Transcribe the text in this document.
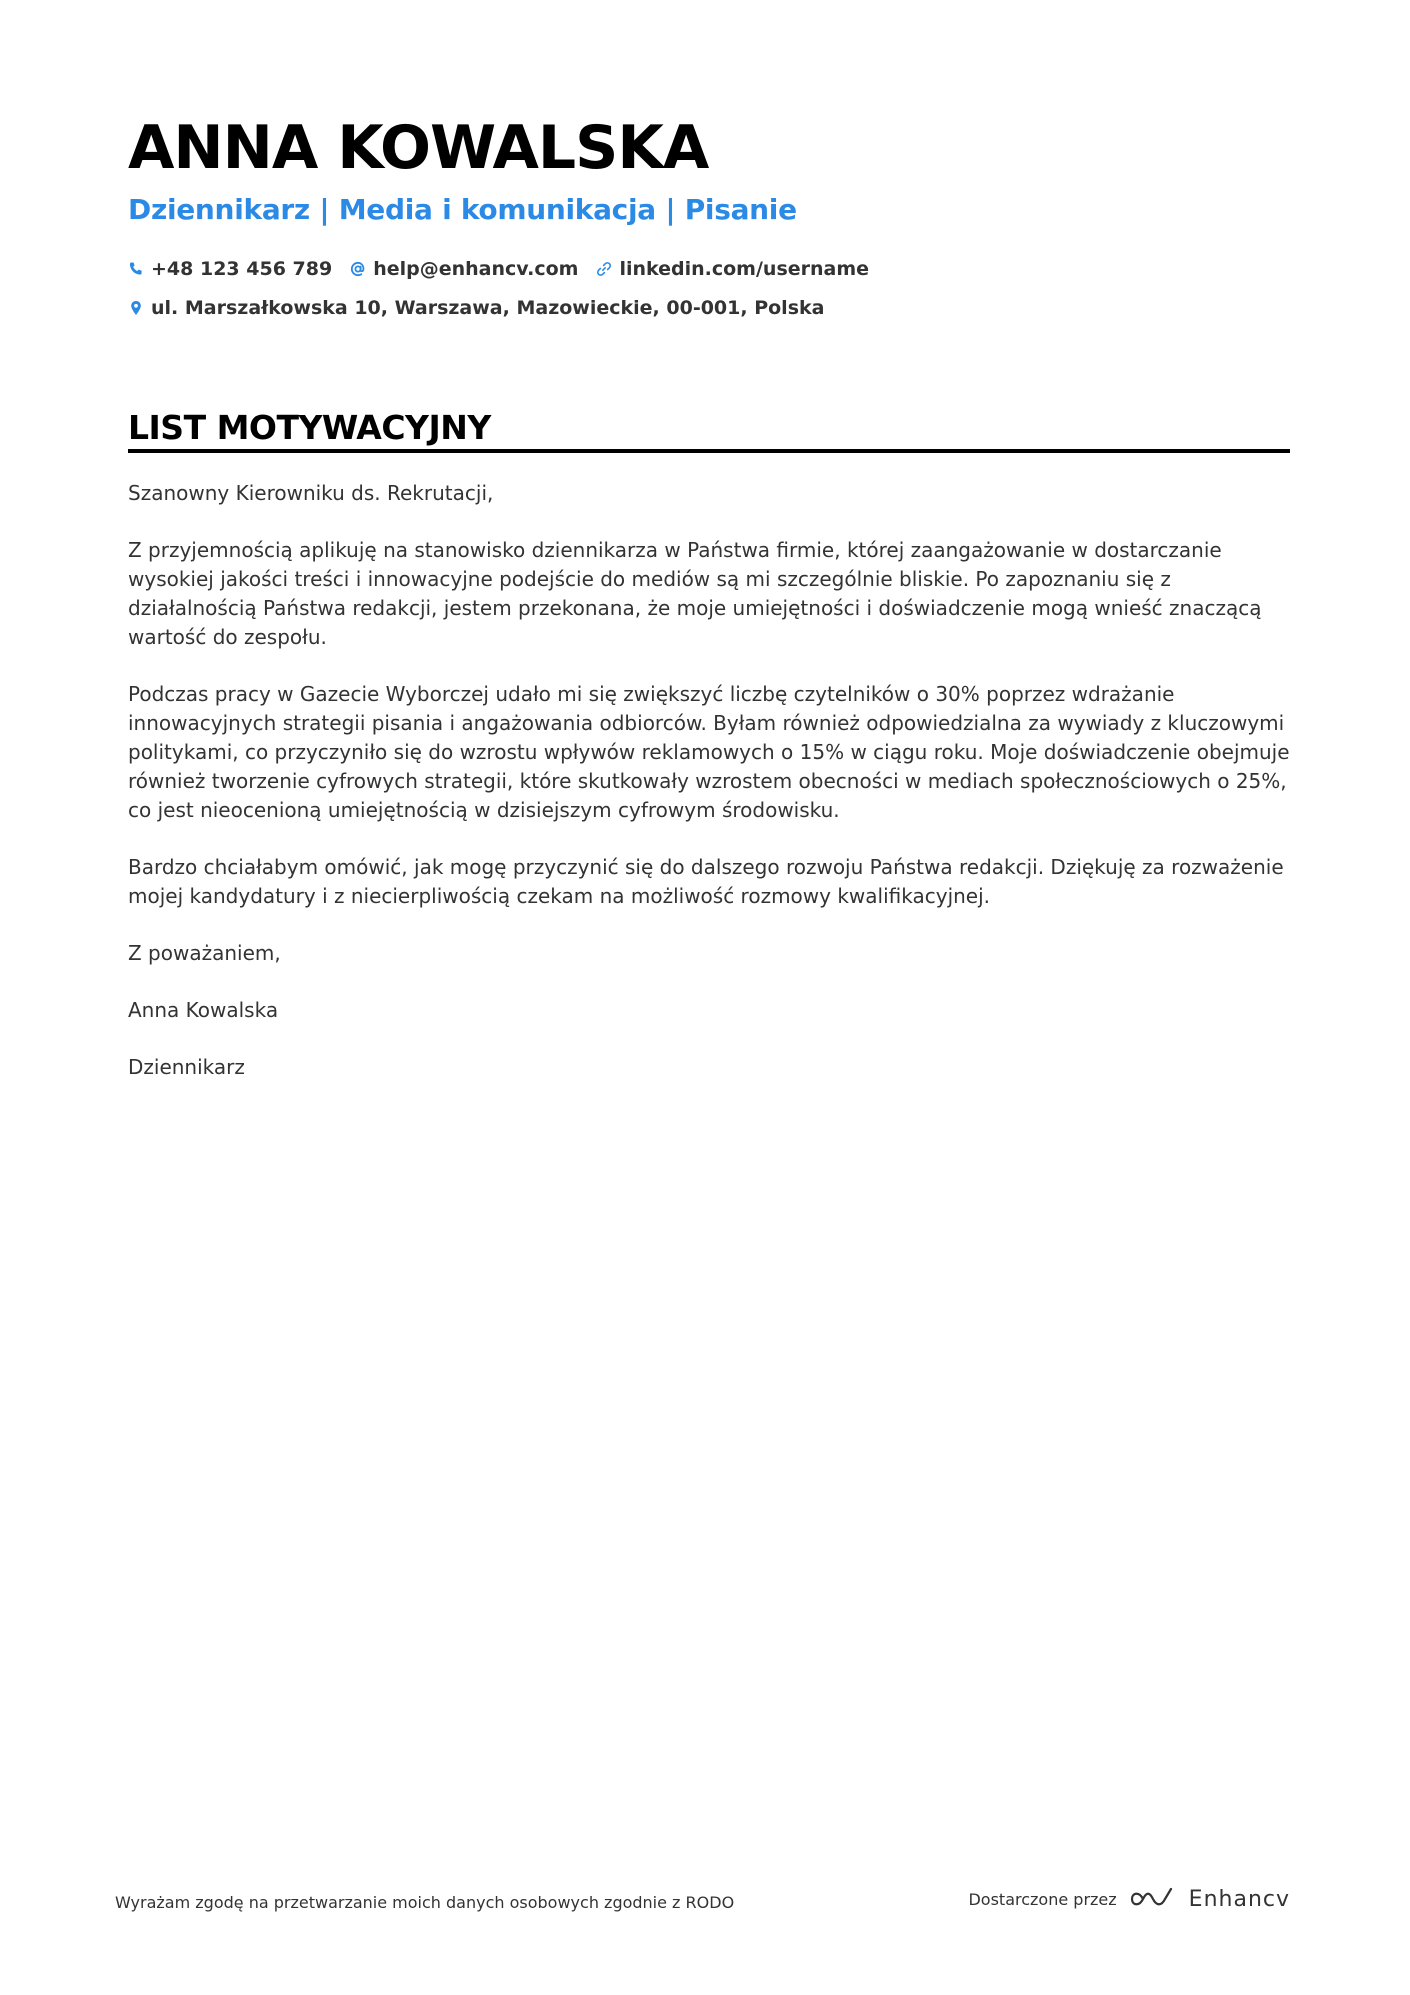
ANNA KOWALSKA
Dziennikarz | Media i komunikacja | Pisanie
+48 123 456 789 help@enhancv.com linkedin.com/username
ul. Marszałkowska 10, Warszawa, Mazowieckie, 00-001, Polska
LIST MOTYWACYJNY

Szanowny Kierowniku ds. Rekrutacji,

Z przyjemnością aplikuję na stanowisko dziennikarza w Państwa firmie, której zaangażowanie w dostarczanie wysokiej jakości treści i innowacyjne podejście do mediów są mi szczególnie bliskie. Po zapoznaniu się z działalnością Państwa redakcji, jestem przekonana, że moje umiejętności i doświadczenie mogą wnieść znaczącą wartość do zespołu.

Podczas pracy w Gazecie Wyborczej udało mi się zwiększyć liczbę czytelników o 30% poprzez wdrażanie innowacyjnych strategii pisania i angażowania odbiorców. Byłam również odpowiedzialna za wywiady z kluczowymi politykami, co przyczyniło się do wzrostu wpływów reklamowych o 15% w ciągu roku. Moje doświadczenie obejmuje również tworzenie cyfrowych strategii, które skutkowały wzrostem obecności w mediach społecznościowych o 25%, co jest nieocenioną umiejętnością w dzisiejszym cyfrowym środowisku.

Bardzo chciałabym omówić, jak mogę przyczynić się do dalszego rozwoju Państwa redakcji. Dziękuję za rozważenie mojej kandydatury i z niecierpliwością czekam na możliwość rozmowy kwalifikacyjnej.

Z poważaniem,

Anna Kowalska

Dziennikarz

Wyrażam zgodę na przetwarzanie moich danych osobowych zgodnie z RODO	Dostarczone przez	Enhancv
